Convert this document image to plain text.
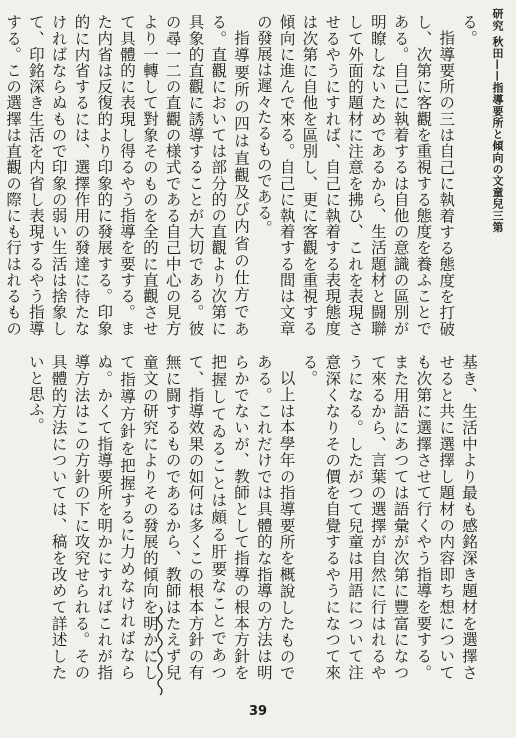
研究 秋田——指導要所と傾向の文童兒三第

る。

指導要所の三は自己に執着する態度を打破し、次第に客觀を重視する態度を養ふことである。自己に執着するは自他の意識の區別が明瞭しないためであるから、生活題材と闘聯して外面的題材に注意を拂ひ、これを表現させるやうにすれば、自己に執着する表現態度は次第に自他を區別し、更に客觀を重視する傾向に進んで來る。自己に執着する間は文章の發展は遲々たるものである。

指導要所の四は直觀及び内省の仕方である。直觀においては部分的の直觀より次第に具象的直觀に誘導することが大切である。彼の尋一二の直觀の様式である自己中心の見方より一轉して對象そのものを全的に直觀させて具體的に表現し得るやう指導を要する。また内省は反復的より印象的に發展する。印象的に内省するには、選擇作用の發達に待たなければならぬもので印象の弱い生活は捨象して、印銘深き生活を内省し表現するやう指導する。この選擇は直觀の際にも行はれるもの

基き、生活中より最も感銘深き題材を選擇させると共に選擇し題材の内容即ち想についても次第に選擇させて行くやう指導を要する。また用語にあつては語彙が次第に豐富になつて來るから、言葉の選擇が自然に行はれるやうになる。したがつて兒童は用語について注意深くなりその價を自覺するやうになつて來る。

以上は本學年の指導要所を概說したものである。これだけでは具體的な指導の方法は明らかでないが、教師として指導の根本方針を把握してゐることは頗る肝要なことであつて、指導效果の如何は多くこの根本方針の有無に闘するものであるから、教師はたえず兒童文の研究によりその發展的傾向を明かにして指導方針を把握するに力めなければならぬ。かくて指導要所を明かにすればこれが指導方法はこの方針の下に攻究せられる。その具體的方法については、稿を改めて詳述したいと思ふ。

39
